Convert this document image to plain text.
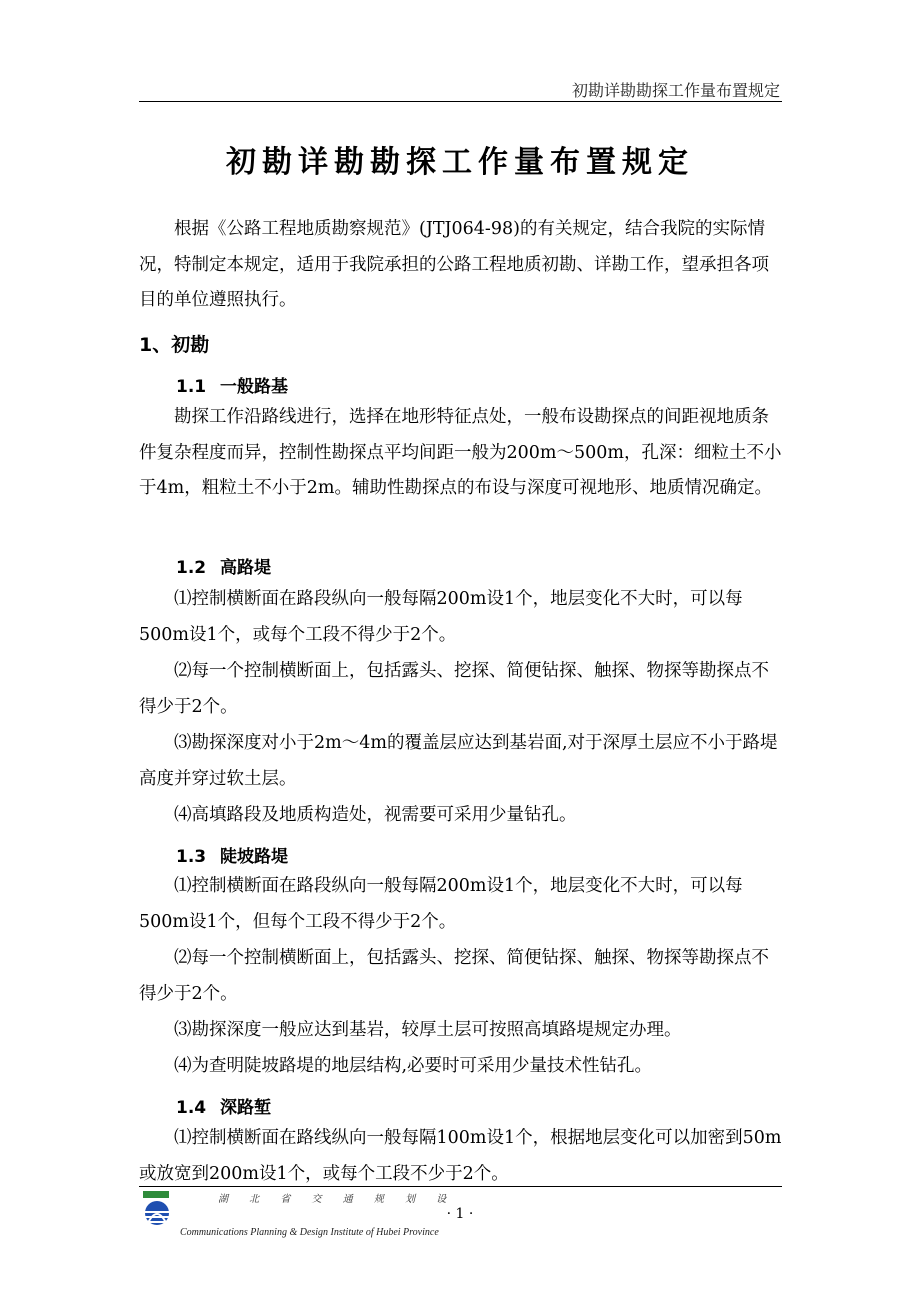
初勘详勘勘探工作量布置规定
初勘详勘勘探工作量布置规定
根据《公路工程地质勘察规范》(JTJ064-98)的有关规定，结合我院的实际情况，特制定本规定，适用于我院承担的公路工程地质初勘、详勘工作，望承担各项目的单位遵照执行。
1、初勘
1.1 一般路基
勘探工作沿路线进行，选择在地形特征点处，一般布设勘探点的间距视地质条件复杂程度而异，控制性勘探点平均间距一般为200m～500m，孔深：细粒土不小于4m，粗粒土不小于2m。辅助性勘探点的布设与深度可视地形、地质情况确定。
1.2 高路堤
⑴控制横断面在路段纵向一般每隔200m设1个，地层变化不大时，可以每500m设1个，或每个工段不得少于2个。
⑵每一个控制横断面上，包括露头、挖探、简便钻探、触探、物探等勘探点不得少于2个。
⑶勘探深度对小于2m～4m的覆盖层应达到基岩面,对于深厚土层应不小于路堤高度并穿过软土层。
⑷高填路段及地质构造处，视需要可采用少量钻孔。
1.3 陡坡路堤
⑴控制横断面在路段纵向一般每隔200m设1个，地层变化不大时，可以每500m设1个，但每个工段不得少于2个。
⑵每一个控制横断面上，包括露头、挖探、简便钻探、触探、物探等勘探点不得少于2个。
⑶勘探深度一般应达到基岩，较厚土层可按照高填路堤规定办理。
⑷为查明陡坡路堤的地层结构,必要时可采用少量技术性钻孔。
1.4 深路堑
⑴控制横断面在路线纵向一般每隔100m设1个，根据地层变化可以加密到50m或放宽到200m设1个，或每个工段不少于2个。
湖 北 省 交 通 规 划 设
· 1 ·
Communications Planning & Design Institute of Hubei Province
